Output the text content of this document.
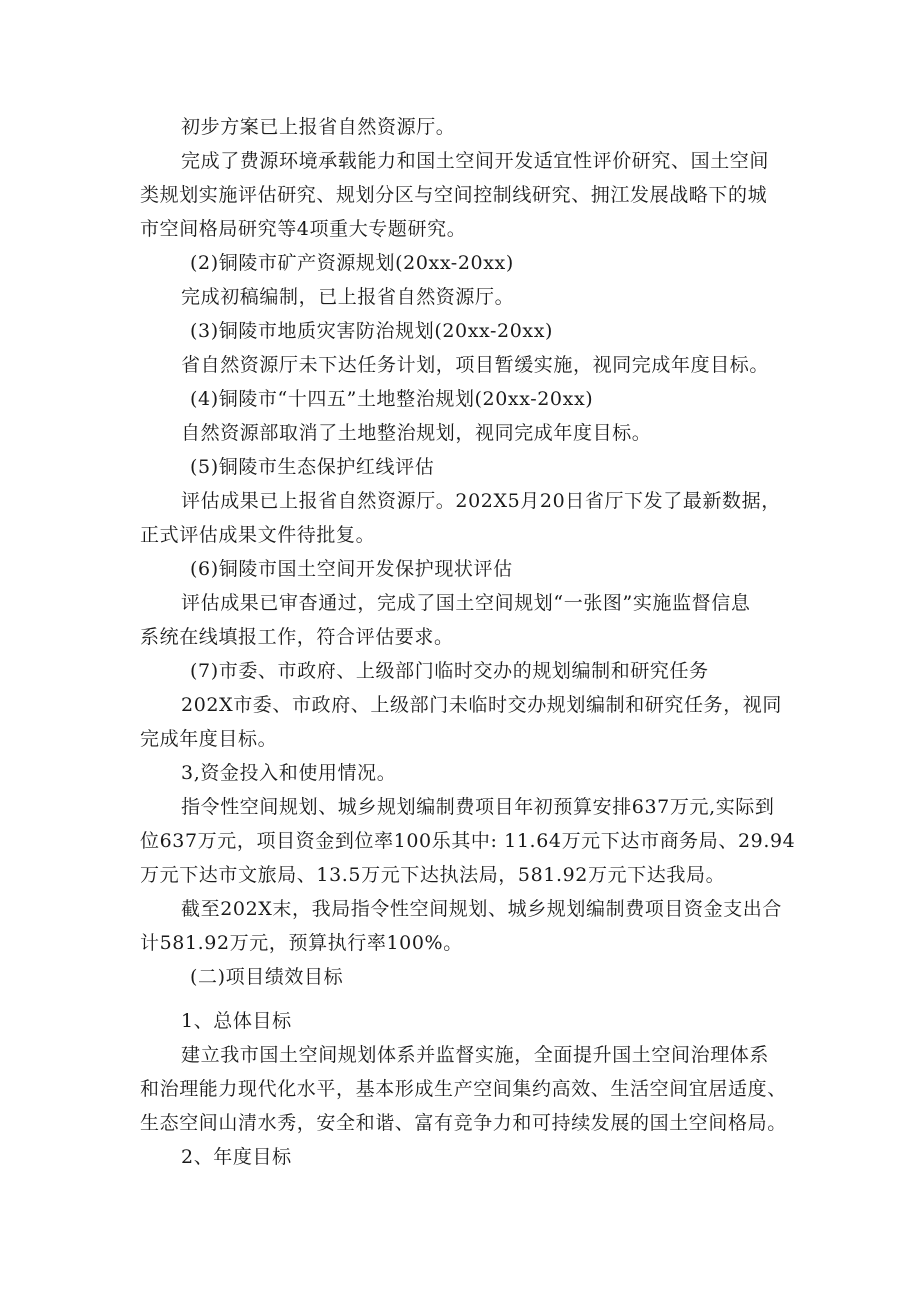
初步方案已上报省自然资源厅。
完成了费源环境承载能力和国土空间开发适宜性评价研究、国土空间
类规划实施评估研究、规划分区与空间控制线研究、拥江发展战略下的城
市空间格局研究等4项重大专题研究。
(2)铜陵市矿产资源规划(20xx-20xx)
完成初稿编制，已上报省自然资源厅。
(3)铜陵市地质灾害防治规划(20xx-20xx)
省自然资源厅未下达任务计划，项目暂缓实施，视同完成年度目标。
(4)铜陵市“十四五”土地整治规划(20xx-20xx)
自然资源部取消了土地整治规划，视同完成年度目标。
(5)铜陵市生态保护红线评估
评估成果已上报省自然资源厅。202X5月20日省厅下发了最新数据，
正式评估成果文件待批复。
(6)铜陵市国土空间开发保护现状评估
评估成果已审杳通过，完成了国土空间规划“一张图”实施监督信息
系统在线填报工作，符合评估要求。
(7)市委、市政府、上级部门临时交办的规划编制和研究任务
202X市委、市政府、上级部门未临时交办规划编制和研究任务，视同
完成年度目标。
3,资金投入和使用情况。
指令性空间规划、城乡规划编制费项目年初预算安排637万元,实际到
位637万元，项目资金到位率100乐其中: 11.64万元下达市商务局、29.94
万元下达市文旅局、13.5万元下达执法局，581.92万元下达我局。
截至202X末，我局指令性空间规划、城乡规划编制费项目资金支出合
计581.92万元，预算执行率100%。
(二)项目绩效目标
1、总体目标
建立我市国土空间规划体系并监督实施，全面提升国土空间治理体系
和治理能力现代化水平，基本形成生产空间集约高效、生活空间宜居适度、
生态空间山清水秀，安全和谐、富有竞争力和可持续发展的国土空间格局。
2、年度目标
